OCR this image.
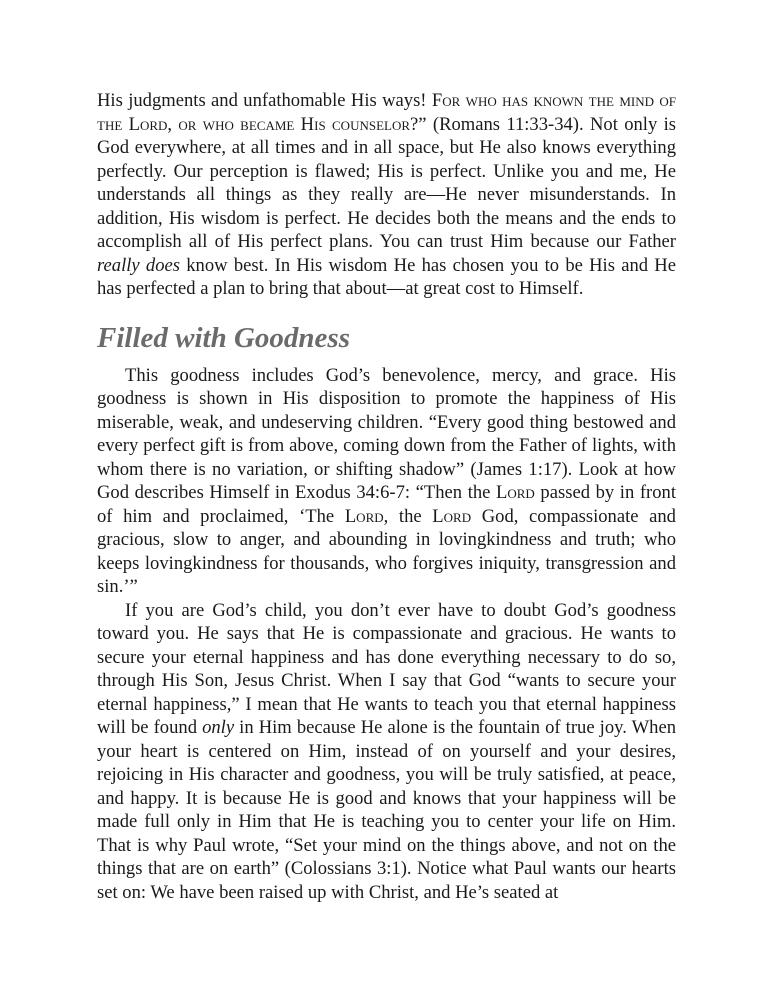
His judgments and unfathomable His ways! For who has known the mind of the Lord, or who became His counselor?” (Romans 11:33-34). Not only is God everywhere, at all times and in all space, but He also knows everything perfectly. Our perception is flawed; His is perfect. Unlike you and me, He understands all things as they really are—He never misunderstands. In addition, His wisdom is perfect. He decides both the means and the ends to accomplish all of His perfect plans. You can trust Him because our Father really does know best. In His wisdom He has chosen you to be His and He has perfected a plan to bring that about—at great cost to Himself.

Filled with Goodness

This goodness includes God’s benevolence, mercy, and grace. His goodness is shown in His disposition to promote the happiness of His miserable, weak, and undeserving children. “Every good thing bestowed and every perfect gift is from above, coming down from the Father of lights, with whom there is no variation, or shifting shadow” (James 1:17). Look at how God describes Himself in Exodus 34:6-7: “Then the Lord passed by in front of him and proclaimed, ‘The Lord, the Lord God, compassionate and gracious, slow to anger, and abounding in lovingkindness and truth; who keeps lovingkindness for thousands, who forgives iniquity, transgression and sin.’”

If you are God’s child, you don’t ever have to doubt God’s goodness toward you. He says that He is compassionate and gracious. He wants to secure your eternal happiness and has done everything necessary to do so, through His Son, Jesus Christ. When I say that God “wants to secure your eternal happiness,” I mean that He wants to teach you that eternal happiness will be found only in Him because He alone is the fountain of true joy. When your heart is centered on Him, instead of on yourself and your desires, rejoicing in His character and goodness, you will be truly satisfied, at peace, and happy. It is because He is good and knows that your happiness will be made full only in Him that He is teaching you to center your life on Him. That is why Paul wrote, “Set your mind on the things above, and not on the things that are on earth” (Colossians 3:1). Notice what Paul wants our hearts set on: We have been raised up with Christ, and He’s seated at
